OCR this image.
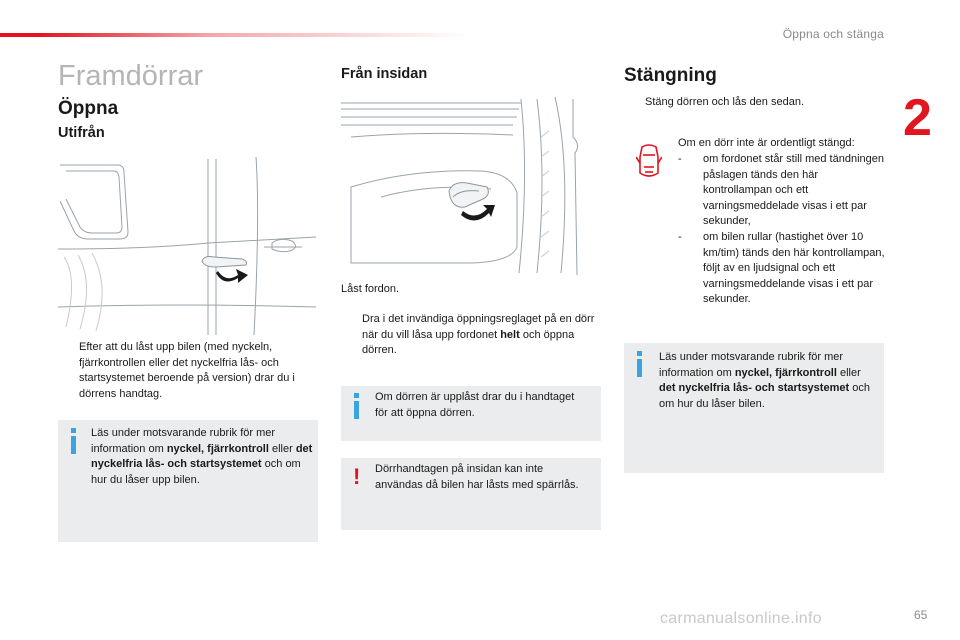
Öppna och stänga
2
65
carmanualsonline.info
Framdörrar
Öppna
Utifrån
Efter att du låst upp bilen (med nyckeln, fjärrkontrollen eller det nyckelfria lås- och startsystemet beroende på version) drar du i dörrens handtag.
Läs under motsvarande rubrik för mer information om nyckel, fjärrkontroll eller det nyckelfria lås- och startsystemet och om hur du låser upp bilen.
Från insidan
Låst fordon.
Dra i det invändiga öppningsreglaget på en dörr när du vill låsa upp fordonet helt och öppna dörren.
Om dörren är upplåst drar du i handtaget för att öppna dörren.
! Dörrhandtagen på insidan kan inte användas då bilen har låsts med spärrlås.
Stängning
Stäng dörren och lås den sedan.
Om en dörr inte är ordentligt stängd:
- om fordonet står still med tändningen påslagen tänds den här kontrollampan och ett varningsmeddelade visas i ett par sekunder,
- om bilen rullar (hastighet över 10 km/tim) tänds den här kontrollampan, följt av en ljudsignal och ett varningsmeddelande visas i ett par sekunder.
Läs under motsvarande rubrik för mer information om nyckel, fjärrkontroll eller det nyckelfria lås- och startsystemet och om hur du låser bilen.
